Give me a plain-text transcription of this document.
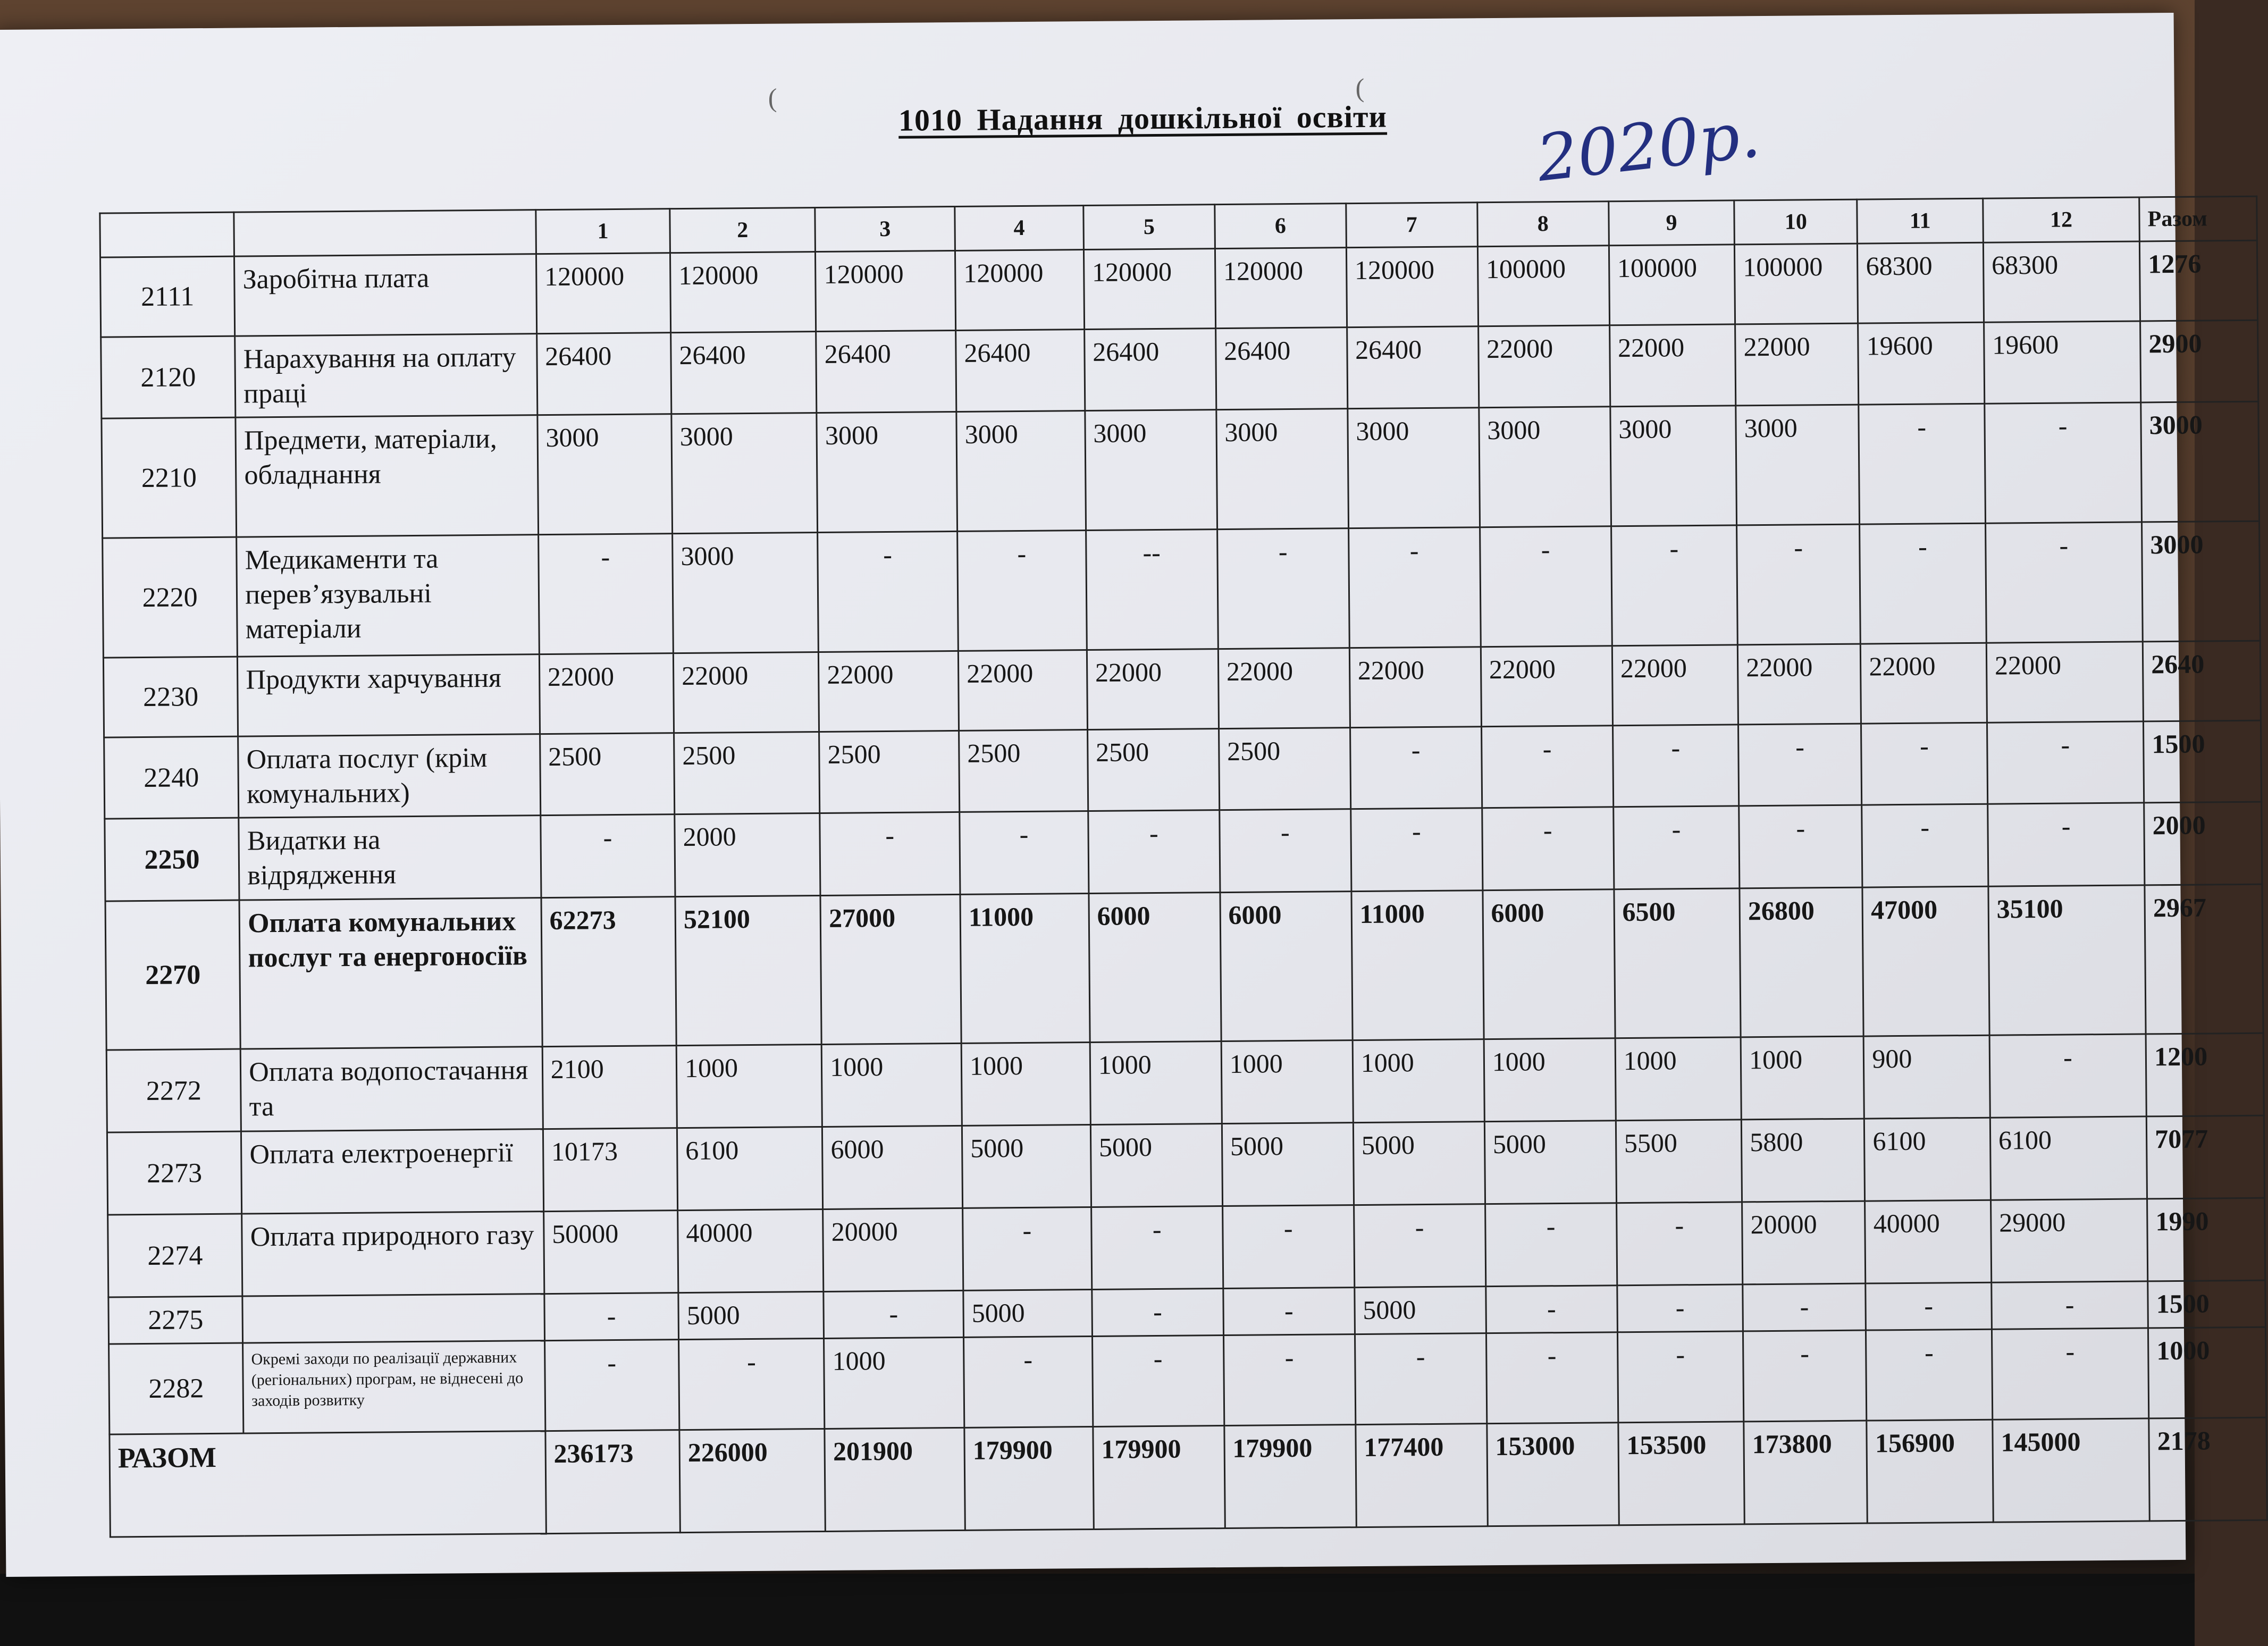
(	(
1010 Надання дошкільної освіти 2020р.
		1	2	3	4	5	6	7	8	9	10	11	12	Разом
2111	Заробітна плата	120000	120000	120000	120000	120000	120000	120000	100000	100000	100000	68300	68300	1276
2120	Нарахування на оплату праці	26400	26400	26400	26400	26400	26400	26400	22000	22000	22000	19600	19600	2900
2210	Предмети, матеріали, обладнання	3000	3000	3000	3000	3000	3000	3000	3000	3000	3000	-	-	3000
2220	Медикаменти та перев’язувальні матеріали	-	3000	-	-	--	-	-	-	-	-	-	-	3000
2230	Продукти харчування	22000	22000	22000	22000	22000	22000	22000	22000	22000	22000	22000	22000	2640
2240	Оплата послуг (крім комунальних)	2500	2500	2500	2500	2500	2500	-	-	-	-	-	-	1500
2250	Видатки на відрядження	-	2000	-	-	-	-	-	-	-	-	-	-	2000
2270	Оплата комунальних послуг та енергоносіїв	62273	52100	27000	11000	6000	6000	11000	6000	6500	26800	47000	35100	2967
2272	Оплата водопостачання та	2100	1000	1000	1000	1000	1000	1000	1000	1000	1000	900	-	1200
2273	Оплата електроенергії	10173	6100	6000	5000	5000	5000	5000	5000	5500	5800	6100	6100	7077
2274	Оплата природного газу	50000	40000	20000	-	-	-	-	-	-	20000	40000	29000	1990
2275		-	5000	-	5000	-	-	5000	-	-	-	-	-	1500
2282	Окремі заходи по реалізації державних (регіональних) програм, не віднесені до заходів розвитку	-	-	1000	-	-	-	-	-	-	-	-	-	1000
РАЗОМ		236173	226000	201900	179900	179900	179900	177400	153000	153500	173800	156900	145000	2178
